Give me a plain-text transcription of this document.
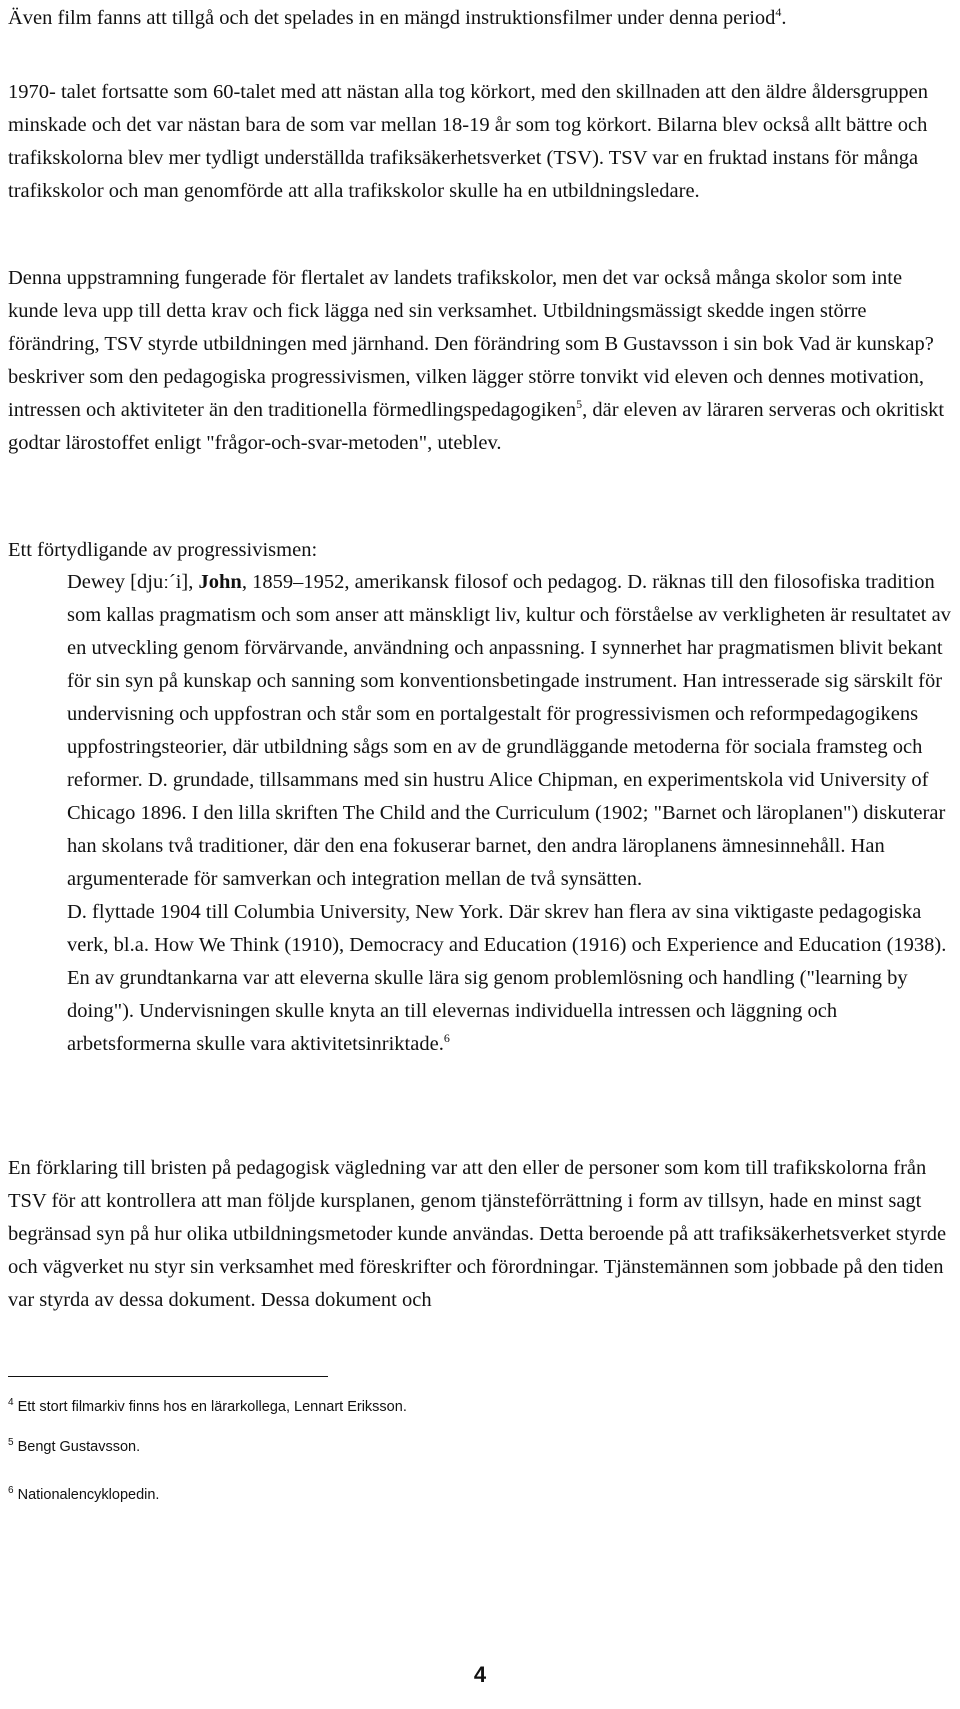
Även film fanns att tillgå och det spelades in en mängd instruktionsfilmer under denna period$^4$.

1970- talet fortsatte som 60-talet med att nästan alla tog körkort, med den skillnaden att den äldre åldersgruppen minskade och det var nästan bara de som var mellan 18-19 år som tog körkort. Bilarna blev också allt bättre och trafikskolorna blev mer tydligt underställda trafiksäkerhetsverket (TSV). TSV var en fruktad instans för många trafikskolor och man genomförde att alla trafikskolor skulle ha en utbildningsledare.

Denna uppstramning fungerade för flertalet av landets trafikskolor, men det var också många skolor som inte kunde leva upp till detta krav och fick lägga ned sin verksamhet. Utbildningsmässigt skedde ingen större förändring, TSV styrde utbildningen med järnhand. Den förändring som B Gustavsson i sin bok Vad är kunskap? beskriver som den pedagogiska progressivismen, vilken lägger större tonvikt vid eleven och dennes motivation, intressen och aktiviteter än den traditionella förmedlingspedagogiken$^5$, där eleven av läraren serveras och okritiskt godtar lärostoffet enligt "frågor-och-svar-metoden", uteblev.

Ett förtydligande av progressivismen:

Dewey [djuː´i], John, 1859–1952, amerikansk filosof och pedagog. D. räknas till den filosofiska tradition som kallas pragmatism och som anser att mänskligt liv, kultur och förståelse av verkligheten är resultatet av en utveckling genom förvärvande, användning och anpassning. I synnerhet har pragmatismen blivit bekant för sin syn på kunskap och sanning som konventionsbetingade instrument. Han intresserade sig särskilt för undervisning och uppfostran och står som en portalgestalt för progressivismen och reformpedagogikens uppfostringsteorier, där utbildning sågs som en av de grundläggande metoderna för sociala framsteg och reformer. D. grundade, tillsammans med sin hustru Alice Chipman, en experimentskola vid University of Chicago 1896. I den lilla skriften The Child and the Curriculum (1902; "Barnet och läroplanen") diskuterar han skolans två traditioner, där den ena fokuserar barnet, den andra läroplanens ämnesinnehåll. Han argumenterade för samverkan och integration mellan de två synsätten.
D. flyttade 1904 till Columbia University, New York. Där skrev han flera av sina viktigaste pedagogiska verk, bl.a. How We Think (1910), Democracy and Education (1916) och Experience and Education (1938). En av grundtankarna var att eleverna skulle lära sig genom problemlösning och handling ("learning by doing"). Undervisningen skulle knyta an till elevernas individuella intressen och läggning och arbetsformerna skulle vara aktivitetsinriktade.$^6$

En förklaring till bristen på pedagogisk vägledning var att den eller de personer som kom till trafikskolorna från TSV för att kontrollera att man följde kursplanen, genom tjänsteförrättning i form av tillsyn, hade en minst sagt begränsad syn på hur olika utbildningsmetoder kunde användas. Detta beroende på att trafiksäkerhetsverket styrde och vägverket nu styr sin verksamhet med föreskrifter och förordningar. Tjänstemännen som jobbade på den tiden var styrda av dessa dokument. Dessa dokument och

$^4$ Ett stort filmarkiv finns hos en lärarkollega, Lennart Eriksson.

$^5$ Bengt Gustavsson.

$^6$ Nationalencyklopedin.

4
